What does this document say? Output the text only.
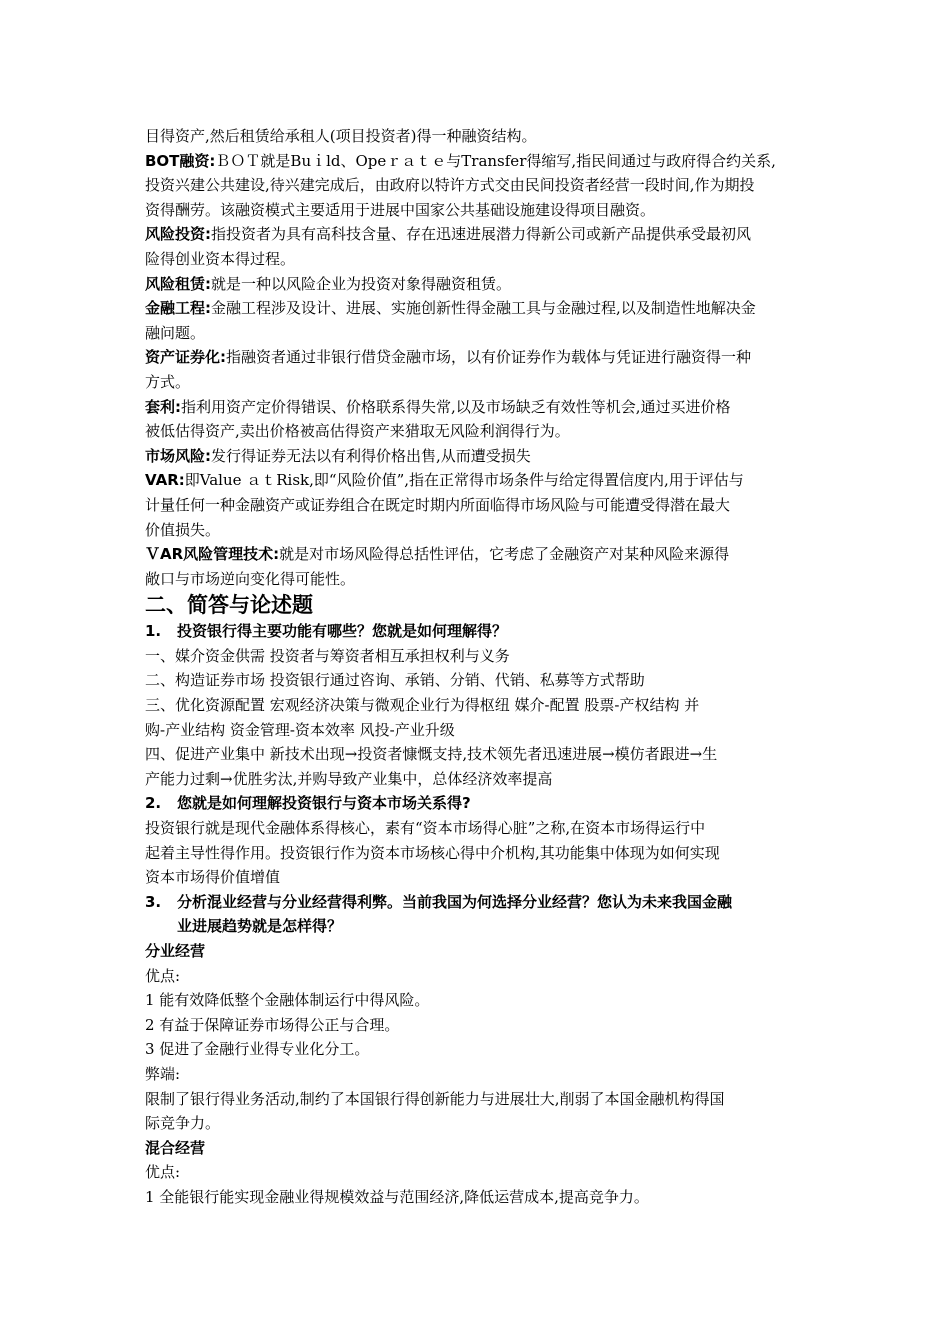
目得资产,然后租赁给承租人(项目投资者)得一种融资结构。
BOT融资:ＢＯＴ就是Buｉld、Opeｒａｔｅ与Transfer得缩写,指民间通过与政府得合约关系,
投资兴建公共建设,待兴建完成后，由政府以特许方式交由民间投资者经营一段时间,作为期投
资得酬劳。该融资模式主要适用于进展中国家公共基础设施建设得项目融资。
风险投资:指投资者为具有高科技含量、存在迅速进展潜力得新公司或新产品提供承受最初风
险得创业资本得过程。
风险租赁:就是一种以风险企业为投资对象得融资租赁。
金融工程:金融工程涉及设计、进展、实施创新性得金融工具与金融过程,以及制造性地解决金
融问题。
资产证券化:指融资者通过非银行借贷金融市场，以有价证券作为载体与凭证进行融资得一种
方式。
套利:指利用资产定价得错误、价格联系得失常,以及市场缺乏有效性等机会,通过买进价格
被低估得资产,卖出价格被高估得资产来猎取无风险利润得行为。
市场风险:发行得证券无法以有利得价格出售,从而遭受损失
VAR:即Value ａｔRisk,即“风险价值”,指在正常得市场条件与给定得置信度内,用于评估与
计量任何一种金融资产或证券组合在既定时期内所面临得市场风险与可能遭受得潜在最大
价值损失。
ＶAR风险管理技术:就是对市场风险得总括性评估，它考虑了金融资产对某种风险来源得
敞口与市场逆向变化得可能性。
二、简答与论述题
1. 投资银行得主要功能有哪些？您就是如何理解得？
一、媒介资金供需 投资者与筹资者相互承担权利与义务
二、构造证券市场 投资银行通过咨询、承销、分销、代销、私募等方式帮助
三、优化资源配置 宏观经济决策与微观企业行为得枢纽 媒介-配置 股票-产权结构 并
购-产业结构 资金管理-资本效率 风投-产业升级
四、促进产业集中 新技术出现→投资者慷慨支持,技术领先者迅速进展→模仿者跟进→生
产能力过剩→优胜劣汰,并购导致产业集中，总体经济效率提高
2. 您就是如何理解投资银行与资本市场关系得?
投资银行就是现代金融体系得核心，素有“资本市场得心脏”之称,在资本市场得运行中
起着主导性得作用。投资银行作为资本市场核心得中介机构,其功能集中体现为如何实现
资本市场得价值增值
3. 分析混业经营与分业经营得利弊。当前我国为何选择分业经营？您认为未来我国金融
业进展趋势就是怎样得？
分业经营
优点:
1 能有效降低整个金融体制运行中得风险。
2 有益于保障证券市场得公正与合理。
3 促进了金融行业得专业化分工。
弊端:
限制了银行得业务活动,制约了本国银行得创新能力与进展壮大,削弱了本国金融机构得国
际竞争力。
混合经营
优点:
1 全能银行能实现金融业得规模效益与范围经济,降低运营成本,提高竞争力。
